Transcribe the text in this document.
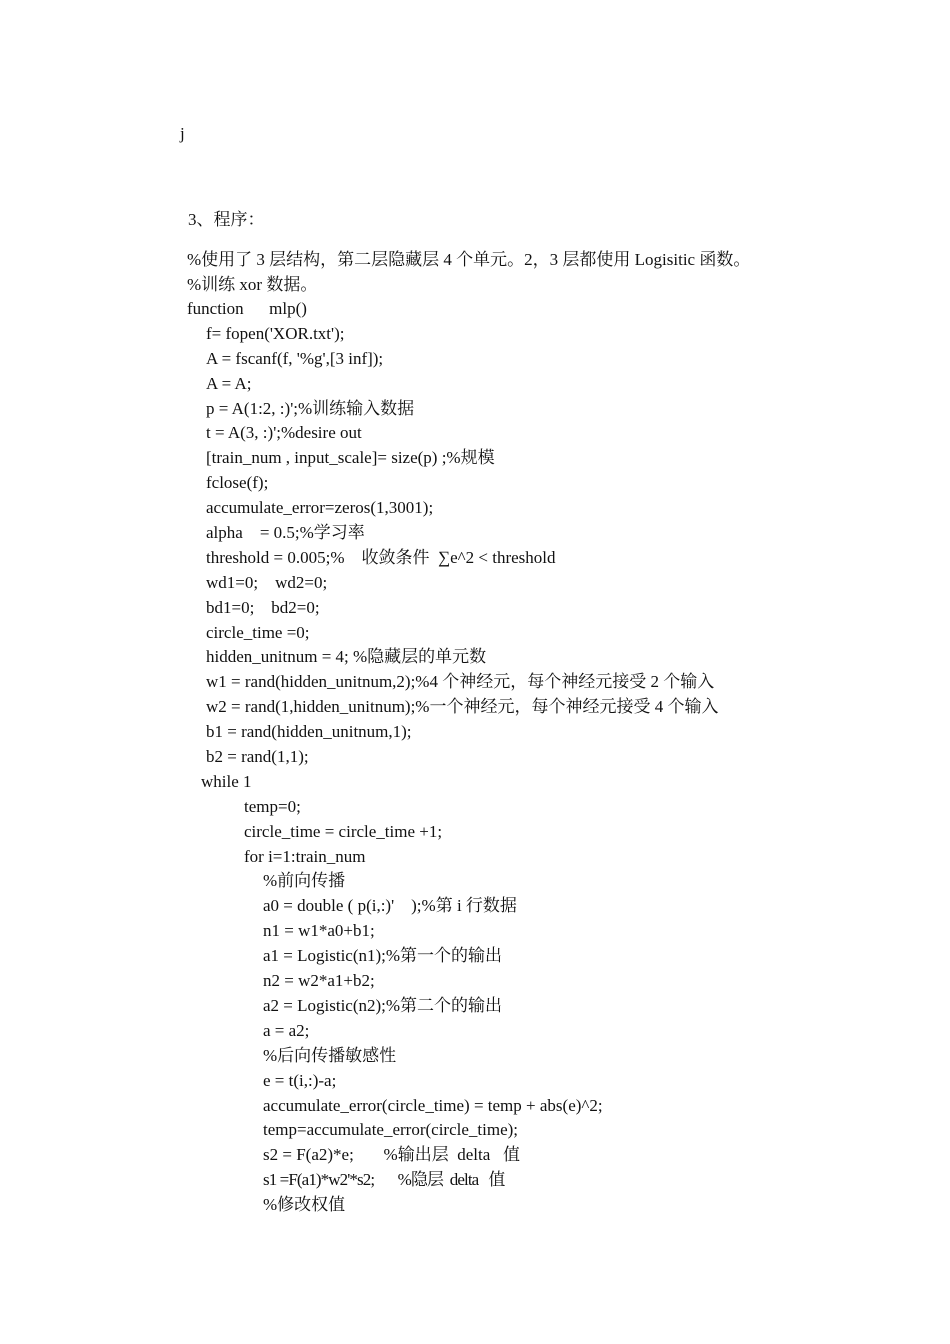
j
3、程序：
%使用了 3 层结构，第二层隐藏层 4 个单元。2，3 层都使用 Logisitic 函数。
%训练 xor 数据。
function      mlp()
f= fopen('XOR.txt');
A = fscanf(f, '%g',[3 inf]);
A = A;
p = A(1:2, :)';%训练输入数据
t = A(3, :)';%desire out
[train_num , input_scale]= size(p) ;%规模
fclose(f);
accumulate_error=zeros(1,3001);
alpha    = 0.5;%学习率
threshold = 0.005;%    收敛条件  ∑e^2 < threshold
wd1=0;    wd2=0;
bd1=0;    bd2=0;
circle_time =0;
hidden_unitnum = 4; %隐藏层的单元数
w1 = rand(hidden_unitnum,2);%4 个神经元，每个神经元接受 2 个输入
w2 = rand(1,hidden_unitnum);%一个神经元，每个神经元接受 4 个输入
b1 = rand(hidden_unitnum,1);
b2 = rand(1,1);
while 1
temp=0;
circle_time = circle_time +1;
for i=1:train_num
%前向传播
a0 = double ( p(i,:)'    );%第 i 行数据
n1 = w1*a0+b1;
a1 = Logistic(n1);%第一个的输出
n2 = w2*a1+b2;
a2 = Logistic(n2);%第二个的输出
a = a2;
%后向传播敏感性
e = t(i,:)-a;
accumulate_error(circle_time) = temp + abs(e)^2;
temp=accumulate_error(circle_time);
s2 = F(a2)*e;       %输出层  delta   值
s1 =F(a1)*w2'*s2;       %隐层  delta   值
%修改权值
